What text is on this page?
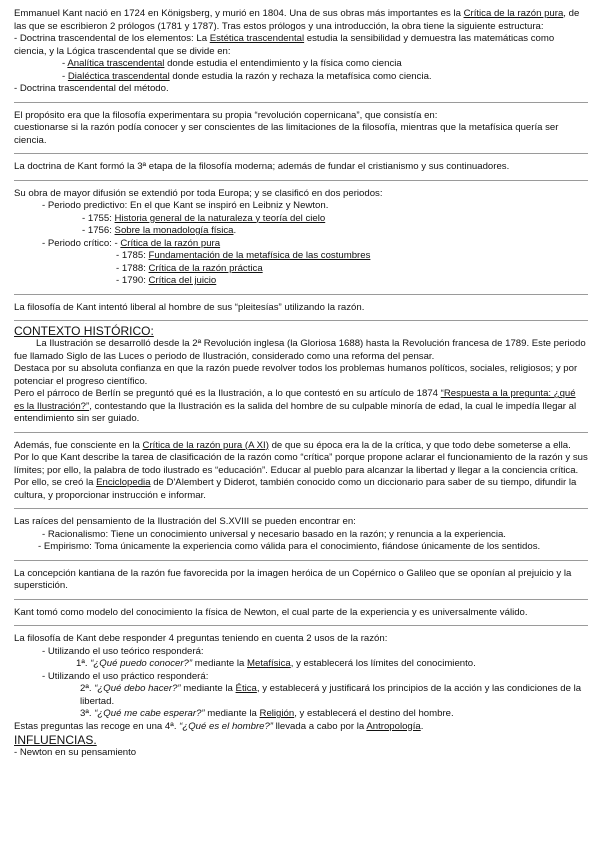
Emmanuel Kant nació en 1724 en Königsberg, y murió en 1804. Una de sus obras más importantes es la Crítica de la razón pura, de las que se escribieron 2 prólogos (1781 y 1787). Tras estos prólogos y una introducción, la obra tiene la siguiente estructura:

- Doctrina trascendental de los elementos: La Estética trascendental estudia la sensibilidad y demuestra las matemáticas como ciencia, y la Lógica trascendental que se divide en:

- Analítica trascendental donde estudia el entendimiento y la física como ciencia

- Dialéctica trascendental donde estudia la razón y rechaza la metafísica como ciencia.

- Doctrina trascendental del método.

El propósito era que la filosofía experimentara su propia “revolución copernicana”, que consistía en:

cuestionarse si la razón podía conocer y ser conscientes de las limitaciones de la filosofía, mientras que la metafísica quería ser ciencia.

La doctrina de Kant formó la 3ª etapa de la filosofía moderna; además de fundar el cristianismo y sus continuadores.

Su obra de mayor difusión se extendió por toda Europa; y se clasificó en dos periodos:

- Periodo predictivo: En el que Kant se inspiró en Leibniz y Newton.

- 1755: Historia general de la naturaleza y teoría del cielo

- 1756: Sobre la monadología física.

- Periodo crítico: - Crítica de la razón pura

- 1785: Fundamentación de la metafísica de las costumbres

- 1788: Crítica de la razón práctica

- 1790: Crítica del juicio

La filosofía de Kant intentó liberal al hombre de sus “pleitesías” utilizando la razón.

CONTEXTO HISTÓRICO:

La Ilustración se desarrolló desde la 2ª Revolución inglesa (la Gloriosa 1688) hasta la Revolución francesa de 1789. Este periodo fue llamado Siglo de las Luces o periodo de Ilustración, considerado como una reforma del pensar.

Destaca por su absoluta confianza en que la razón puede revolver todos los problemas humanos políticos, sociales, religiosos; y por potenciar el progreso científico.

Pero el párroco de Berlín se preguntó qué es la Ilustración, a lo que contestó en su artículo de 1874 “Respuesta a la pregunta: ¿qué es la Ilustración?”, contestando que la Ilustración es la salida del hombre de su culpable minoría de edad, la cual le impedía llegar al entendimiento sin ser guiado.

Además, fue consciente en la Crítica de la razón pura (A XI) de que su época era la de la crítica, y que todo debe someterse a ella. Por lo que Kant describe la tarea de clasificación de la razón como “crítica” porque propone aclarar el funcionamiento de la razón y sus límites; por ello, la palabra de todo ilustrado es “educación”. Educar al pueblo para alcanzar la libertad y llegar a la conciencia crítica. Por ello, se creó la Enciclopedia de D'Alembert y Diderot, también conocido como un diccionario para saber de su tiempo, difundir la cultura, y proporcionar instrucción e informar.

Las raíces del pensamiento de la Ilustración del S.XVIII se pueden encontrar en:

- Racionalismo: Tiene un conocimiento universal y necesario basado en la razón; y renuncia a la experiencia.

- Empirismo: Toma únicamente la experiencia como válida para el conocimiento, fiándose únicamente de los sentidos.

La concepción kantiana de la razón fue favorecida por la imagen heróica de un Copérnico o Galileo que se oponían al prejuicio y la superstición.

Kant tomó como modelo del conocimiento la física de Newton, el cual parte de la experiencia y es universalmente válido.

La filosofía de Kant debe responder 4 preguntas teniendo en cuenta 2 usos de la razón:

- Utilizando el uso teórico responderá:

1ª. “¿Qué puedo conocer?” mediante la Metafísica, y establecerá los límites del conocimiento.

- Utilizando el uso práctico responderá:

2ª. “¿Qué debo hacer?” mediante la Ética, y establecerá y justificará los principios de la acción y las condiciones de la libertad.

3ª. “¿Qué me cabe esperar?” mediante la Religión, y establecerá el destino del hombre.

Estas preguntas las recoge en una 4ª. “¿Qué es el hombre?” llevada a cabo por la Antropología.

INFLUENCIAS.

- Newton en su pensamiento
